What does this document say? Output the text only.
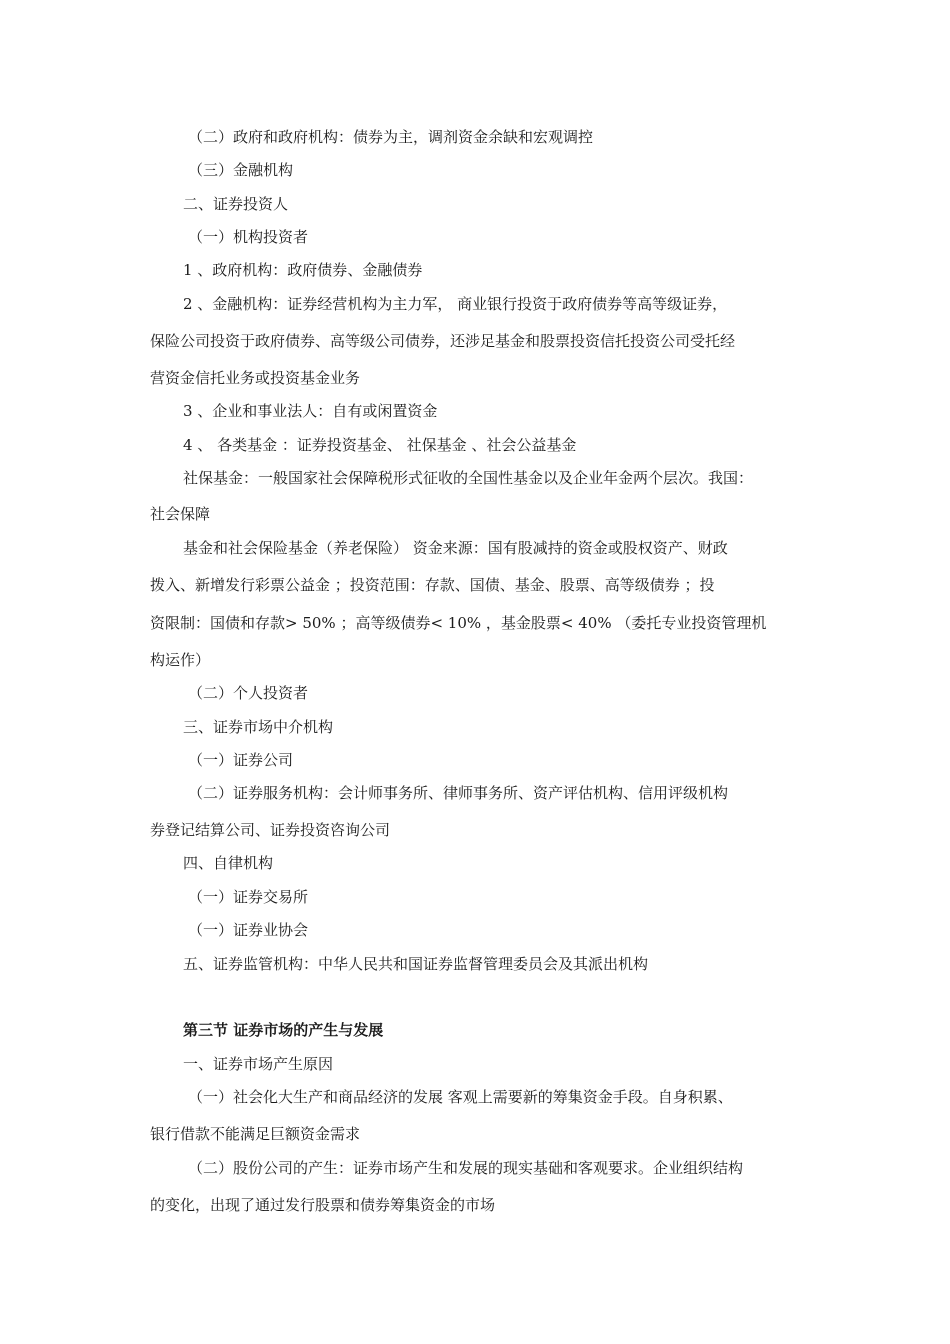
（二）政府和政府机构：债券为主，调剂资金余缺和宏观调控
（三）金融机构
二、证券投资人
（一）机构投资者
1 、政府机构：政府债券、金融债券
2 、金融机构：证券经营机构为主力军， 商业银行投资于政府债券等高等级证券，
保险公司投资于政府债券、高等级公司债券，还涉足基金和股票投资信托投资公司受托经
营资金信托业务或投资基金业务
3 、企业和事业法人：自有或闲置资金
4 、 各类基金 ：证券投资基金、 社保基金 、社会公益基金
社保基金：一般国家社会保障税形式征收的全国性基金以及企业年金两个层次。我国：
社会保障
基金和社会保险基金（养老保险） 资金来源：国有股减持的资金或股权资产、财政
拨入、新增发行彩票公益金 ；投资范围：存款、国债、基金、股票、高等级债券 ；投
资限制：国债和存款> 50% ；高等级债券< 10% ，基金股票< 40% （委托专业投资管理机
构运作）
（二）个人投资者
三、证券市场中介机构
（一）证券公司
（二）证券服务机构：会计师事务所、律师事务所、资产评估机构、信用评级机构
券登记结算公司、证券投资咨询公司
四、自律机构
（一）证券交易所
（一）证券业协会
五、证券监管机构：中华人民共和国证券监督管理委员会及其派出机构
第三节 证券市场的产生与发展
一、证券市场产生原因
（一）社会化大生产和商品经济的发展 客观上需要新的筹集资金手段。自身积累、
银行借款不能满足巨额资金需求
（二）股份公司的产生：证券市场产生和发展的现实基础和客观要求。企业组织结构
的变化，出现了通过发行股票和债券筹集资金的市场
